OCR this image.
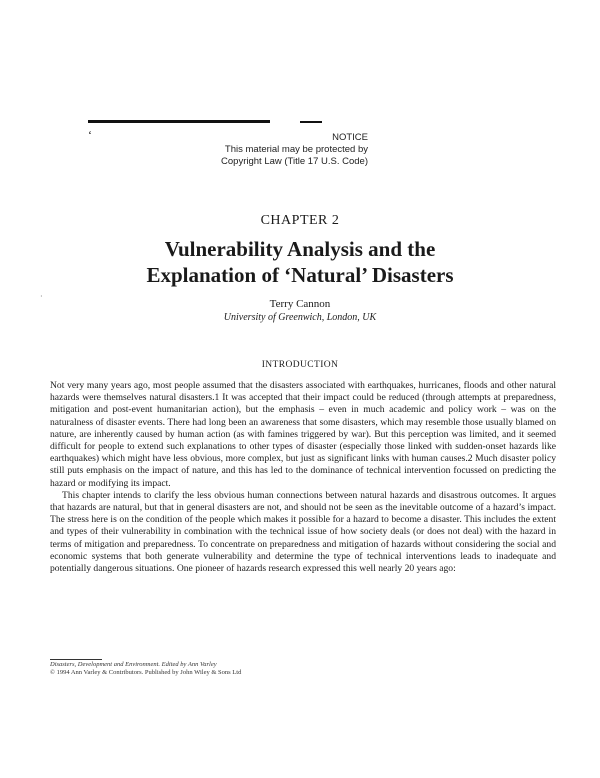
‘
·
NOTICE
This material may be protected by
Copyright Law (Title 17 U.S. Code)
CHAPTER 2
Vulnerability Analysis and the
Explanation of ‘Natural’ Disasters
Terry Cannon
University of Greenwich, London, UK
INTRODUCTION

Not very many years ago, most people assumed that the disasters associated with earthquakes, hurricanes, floods and other natural hazards were themselves natural disasters.1 It was accepted that their impact could be reduced (through attempts at preparedness, mitigation and post-event humanitarian action), but the emphasis – even in much academic and policy work – was on the naturalness of disaster events. There had long been an awareness that some disasters, which may resemble those usually blamed on nature, are inherently caused by human action (as with famines triggered by war). But this perception was limited, and it seemed difficult for people to extend such explanations to other types of disaster (especially those linked with sudden-onset hazards like earthquakes) which might have less obvious, more complex, but just as significant links with human causes.2 Much disaster policy still puts emphasis on the impact of nature, and this has led to the dominance of technical intervention focussed on predicting the hazard or modifying its impact.

This chapter intends to clarify the less obvious human connections between natural hazards and disastrous outcomes. It argues that hazards are natural, but that in general disasters are not, and should not be seen as the inevitable outcome of a hazard’s impact. The stress here is on the condition of the people which makes it possible for a hazard to become a disaster. This includes the extent and types of their vulnerability in combination with the technical issue of how society deals (or does not deal) with the hazard in terms of mitigation and preparedness. To concentrate on preparedness and mitigation of hazards without considering the social and economic systems that both generate vulnerability and determine the type of technical interventions leads to inadequate and potentially dangerous situations. One pioneer of hazards research expressed this well nearly 20 years ago:

Disasters, Development and Environment. Edited by Ann Varley
© 1994 Ann Varley & Contributors. Published by John Wiley & Sons Ltd
